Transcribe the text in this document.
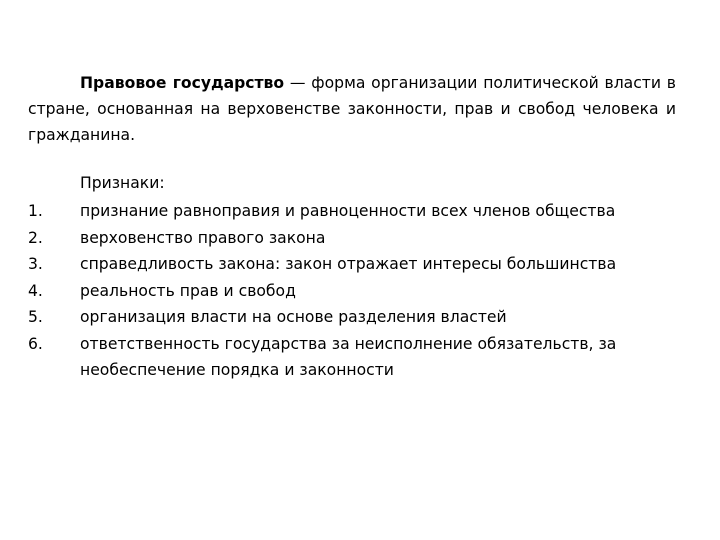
Правовое государство — форма организации политической власти в стране, основанная на верховенстве законности, прав и свобод человека и гражданина.

Признаки:
1. признание равноправия и равноценности всех членов общества
2. верховенство правого закона
3. справедливость закона: закон отражает интересы большинства
4. реальность прав и свобод
5. организация власти на основе разделения властей
6. ответственность государства за неисполнение обязательств, за необеспечение порядка и законности
